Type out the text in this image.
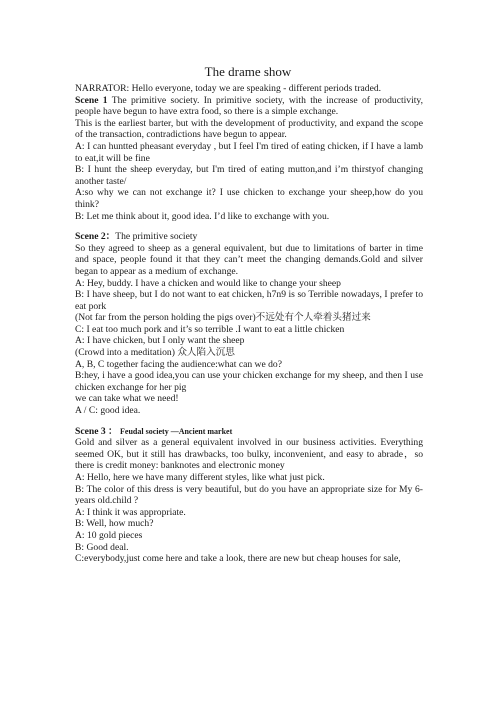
The drame show

NARRATOR: Hello everyone, today we are speaking - different periods traded.

Scene 1 The primitive society. In primitive society, with the increase of productivity, people have begun to have extra food, so there is a simple exchange.

This is the earliest barter, but with the development of productivity, and expand the scope of the transaction, contradictions have begun to appear.

A: I can huntted pheasant everyday , but I feel I'm tired of eating chicken, if I have a lamb to eat,it will be fine

B: I hunt the sheep everyday, but I'm tired of eating mutton,and i’m thirstyof changing another taste/

A:so why we can not exchange it? I use chicken to exchange your sheep,how do you think?

B: Let me think about it, good idea. I’d like to exchange with you.

Scene 2：The primitive society

So they agreed to sheep as a general equivalent, but due to limitations of barter in time and space, people found it that they can’t meet the changing demands.Gold and silver began to appear as a medium of exchange.

A: Hey, buddy. I have a chicken and would like to change your sheep

B: I have sheep, but I do not want to eat chicken, h7n9 is so Terrible nowadays, I prefer to eat pork

(Not far from the person holding the pigs over)不远处有个人牵着头猪过来

C: I eat too much pork and it’s so terrible .I want to eat a little chicken

A: I have chicken, but I only want the sheep

(Crowd into a meditation) 众人陷入沉思

A, B, C together facing the audience:what can we do?

B:hey, i have a good idea,you can use your chicken exchange for my sheep, and then I use chicken exchange for her pig

we can take what we need!

A / C: good idea.

Scene 3 ： Feudal society —Ancient market

Gold and silver as a general equivalent involved in our business activities. Everything seemed OK, but it still has drawbacks, too bulky, inconvenient, and easy to abrade，so there is credit money: banknotes and electronic money

A: Hello, here we have many different styles, like what just pick.

B: The color of this dress is very beautiful, but do you have an appropriate size for My 6- years old.child ?

A: I think it was appropriate.

B: Well, how much?

A: 10 gold pieces

B: Good deal.

C:everybody,just come here and take a look, there are new but cheap houses for sale,
